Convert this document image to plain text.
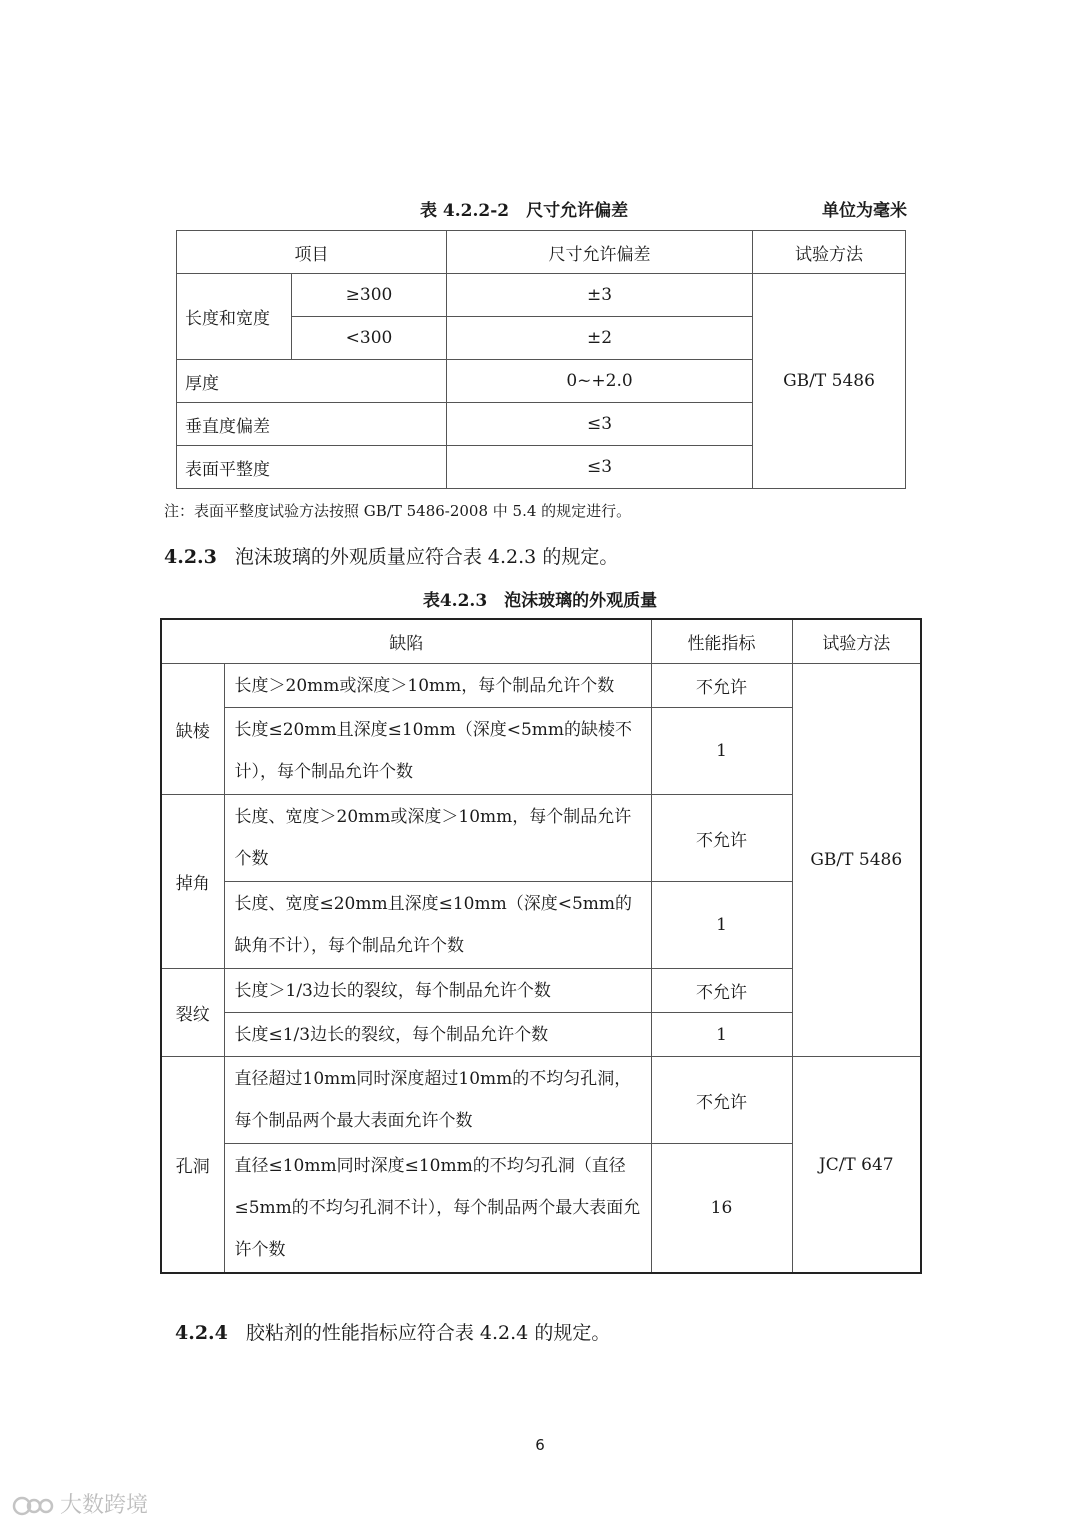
表 4.2.2-2　尺寸允许偏差	单位为毫米
项目		尺寸允许偏差	试验方法
长度和宽度	≥300	±3	GB/T 5486
	<300	±2	
厚度		0~+2.0	
垂直度偏差		≤3	
表面平整度		≤3	
注：表面平整度试验方法按照 GB/T 5486-2008 中 5.4 的规定进行。
4.2.3 泡沫玻璃的外观质量应符合表 4.2.3 的规定。
表4.2.3　泡沫玻璃的外观质量
缺陷		性能指标	试验方法
缺棱	长度＞20mm或深度＞10mm，每个制品允许个数	不允许	GB/T 5486
	长度≤20mm且深度≤10mm（深度<5mm的缺棱不计），每个制品允许个数	1	
掉角	长度、宽度＞20mm或深度＞10mm，每个制品允许个数	不允许	
	长度、宽度≤20mm且深度≤10mm（深度<5mm的缺角不计），每个制品允许个数	1	
裂纹	长度＞1/3边长的裂纹，每个制品允许个数	不允许	
	长度≤1/3边长的裂纹，每个制品允许个数	1	
孔洞	直径超过10mm同时深度超过10mm的不均匀孔洞，每个制品两个最大表面允许个数	不允许	JC/T 647
	直径≤10mm同时深度≤10mm的不均匀孔洞（直径≤5mm的不均匀孔洞不计），每个制品两个最大表面允许个数	16	
4.2.4 胶粘剂的性能指标应符合表 4.2.4 的规定。
6
大数跨境
